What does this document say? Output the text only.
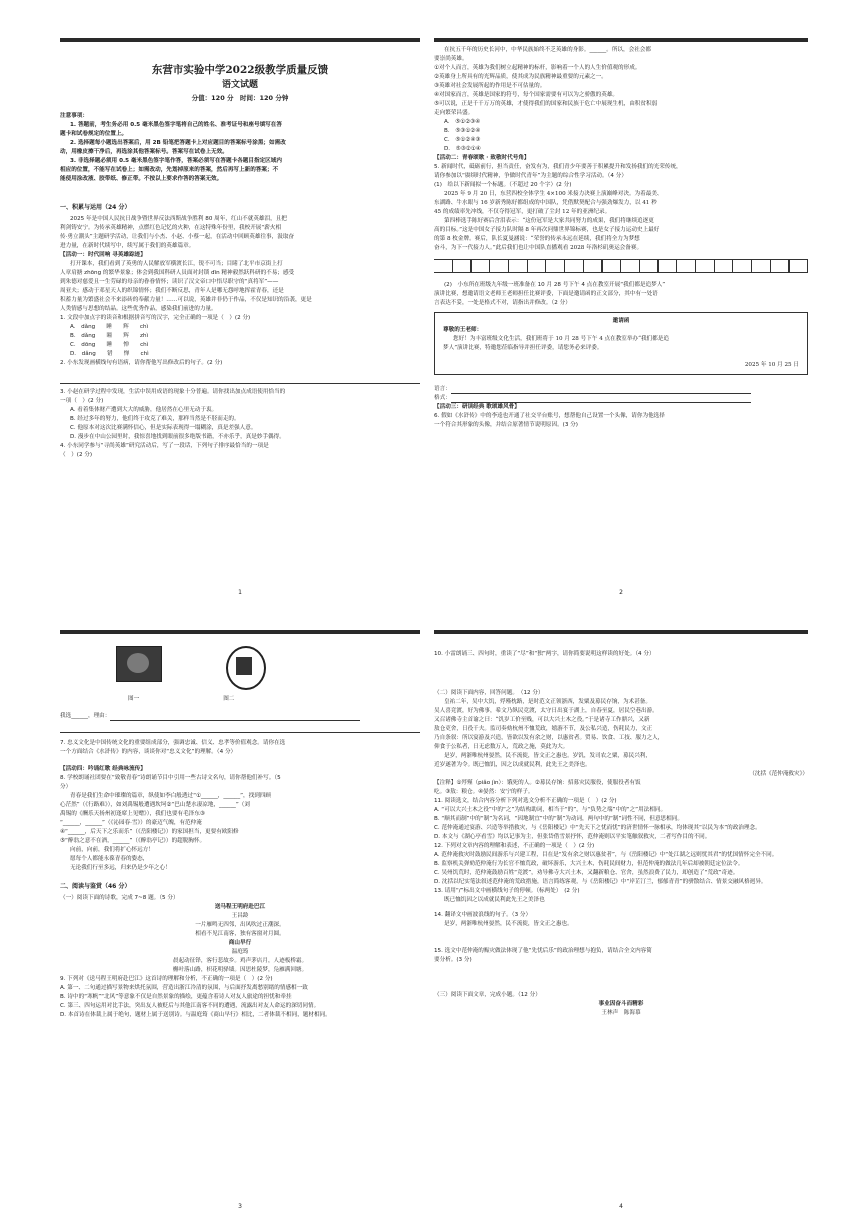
东营市实验中学2022级教学质量反馈

语文试题

分值：120 分　时间：120 分钟

注意事项：

1. 答题前，考生务必用 0.5 毫米黑色签字笔将自己的姓名、准考证号和座号填写在答

题卡和试卷规定的位置上。

2. 选择题每小题选出答案后，用 2B 铅笔把答题卡上对应题目的答案标号涂黑；如需改

动，用橡皮擦干净后，再选涂其他答案标号。答案写在试卷上无效。

3. 非选择题必须用 0.5 毫米黑色签字笔作答，答案必须写在答题卡各题目指定区域内

相应的位置，不能写在试卷上；如需改动，先划掉原来的答案，然后再写上新的答案；不

能使用涂改液、胶带纸、修正带。不按以上要求作答的答案无效。

一、积累与运用（24 分）

2025 年是中国人民抗日战争暨世界反法西斯战争胜利 80 周年，红山不就英雄泪，且把

利剑铸安宁。为传承英雄精神，点燃红色记忆的火种，在这特殊年份里，我校开展“薪火相

传·勇立潮头”主题研学活动，让我们与小杰、小赵、小蔡一起，在活动中回顾英雄往事，汲取奋

进力量，在新时代续写中，续写属于我们的英雄篇章。

【活动一：时代回响 寻英雄踪迹】

打开课本，我们看到了英勇的人民解放军横渡长江，锐不可当；目睹了北平市京街上打

人章肩搪 zhōng 的繁华景象；体会到我国科研人员面对封锁 dīn 精神毅然跃科研的不易；感受

到朱德对慈爱且一生劳碌的母亲的眷眷情怀；读识了汉文帝口中悟尽职守的“真将军”——

周亚夫；感动于邓星天人的织锦情怀；我们不断反思，青年人是哪无怨呼地挥霍青春，还是

积蓄力量为繁盛社会不来添砖的奉献力量！……可以说，英雄并非仍于作品，不仅是知识的沿袭，更是

人类情感与思想的结晶。这些优秀作品，感染我们前进的力量。

1. 文段中加点字的读音和根据拼音写的汉字，完全正确的一项是（　）(2 分)

A.　dǎng　　睡　　辉　　chì

B.　dǎng　　瞳　　辉　　zhì

C.　dōng　　睡　　惮　　chì

D.　dǎng　　错　　惮　　chì

2. 小东发现画横线句有语病，请你帮他写出修改后的句子。(2 分)

3. 小赵在研学过程中发现，生活中误用成语的现象十分普遍。请你找出加点成语使用恰当的

一项（　）(2 分)

A. 看着集体财产遭到大大的威胁，他居然在心里无动于衷。

B. 经过多年的努力，他们终于攻克了难关，那样当然是不胫而走的。

C. 他原本对这次比赛满怀信心，但是实际表现得一塌糊涂，真是差强人意。

D. 漫步在中山公园里时，我惊喜地找到眼前很多绝版书籍，不亦乐乎，真是妙手偶得。

4. 小东同学参与“寻尚英雄”研究活动后，写了一段话，下列句子排序最恰当的一项是

（　）(2 分)

1

在抗五千年的历史长河中，中华民族始终不乏英雄的身影。______。所以，会社会都

要崇尚英雄。

①对个人而言，英雄为我们树立起精神的标杆，影响着一个人的人生价值观的形成。

②英雄身上所具有的光辉品质，使其成为民族精神最重要的元素之一。

③英雄对社会发展所起的作用是不可估量的。

④对国家而言，英雄是国家的符号，每个国家需要有可以为之骄傲的英雄。

⑤可以说，正是千千万万的英雄，才使得我们的国家和民族于危亡中展现生机，由积贫积弱

走向繁荣昌盛。

A.　⑤①②③④

B.　⑤③①②④

C.　⑤①②④③

D.　⑤③②①④

【活动二：青春颂歌 · 致敬时代号角】

5. 新闻时代，砥砺前行，担当责任，奋发有为，我们青少年要善于积累提升和发扬我们的光荣传统，

请你参加以“赓续时代精神，争做时代青年”为主题的综合性学习活动。（4 分）

(1)　给以下新闻拟一个标题。（不超过 20 个字）(2 分)

2025 年 9 月 20 日，东营四校全体学生 4×100 米接力决赛上演巅峰对决。为着最美、

东湖路、牛水眼与 16 岁新秀陈好都组成的中国队，凭借默契配合与强劲爆发力，以 41 秒

45 的成绩率先冲线，不仅夺得冠军，更打破了尘封 12 年的亚洲纪录。

第四棒选手陈好赛后含泪表示：“这份冠军是大家共同努力的成果，我们将继续追逐更

高的目标。”这是中国女子接力队时隔 8 年再次问鼎世界锦标赛，也是女子接力运动史上最好

的第 8 枚金牌。赛后，队长夏曼涵说：“荣誉的传承永远在延续，我们将全力为梦想

奋斗，为下一代接力人。”此后我们也让中国队直播观看 2028 年洛杉矶奥运会备赛。

(2)　小东所在班级九年级一班准备在 10 月 28 号下午 4 点在教室开展“我们都是追梦人”

演讲比赛，想邀请语文老师王老师担任比赛评委，下面是邀请函的正文部分，其中有一处语

言表达不妥，一处是格式不对，请指出并修改。（2 分）

邀请函

尊敬的王老师：

您好！为丰富班级文化生活，我们班将于 10 月 28 号下午 4 点在教室举办“我们都是追

梦人”演讲比赛，特邀您莅临指导并担任评委，请您务必来评委。

2025 年 10 月 25 日

语言：

格式：

【活动三：研读经典 歌颂雄风骨】

6. 假如《水浒传》中的李逵也开通了社交平台账号，想帮他自己设置一个头像，请你为他选择

一个符合其形象的头像，并结合原著情节说明原因。(3 分)

2
图一	图二

我选______，理由：

7. 忠义文化是中国传统文化的重要组成部分，强调忠诚、信义、忠孝等价值观念。请你在选

一个方面结合《水浒传》的内容，谈谈你对“忠义文化”的理解。（4 分）

【活动四：吟诵红歌 经典咏流传】

8. 学校朗诵社团要在“致敬青春”诗朗诵节目中引用一些古诗文名句，请你帮他们补写。（5

分）

青春是我们生命中璀璨的篇章，纵使如李白般透过“①______，______”，找到四顾

心茫然”（《行路难》），如刘禹锡般遭遇坎坷②“巴山楚水凄凉地，______”（刘

禹锡的《酬乐天扬州初逢席上见赠》），我们也要有毛泽东③

“______，______”（《沁园春·雪》）的豪迈气魄，有范仲淹

④“______，后天下之乐而乐”（《岳阳楼记》）的家国担当，更要有欧阳修

⑤“醉翁之意不在酒，______”（《醉翁亭记》）的超脱胸怀。

向前，向前，我们将扩心怀远方！

愿每个人都能永葆青春的姿态，

无论我们行至多远，归来仍是少年之心！

二、阅读与鉴赏（46 分）

（一）阅读下面的诗歌，完成 7~8 题。（5 分）

送马程王明府赴巴江

王昌龄

一片雁鸣无四邻，出风吹过正潮深。

相看不见江南客，独有客窗对月圆。

商山早行

温庭筠

晨起动征铎，客行悲故乡。鸡声茅店月，人迹板桥霜。

槲叶落山路，枳花明驿墙。因思杜陵梦，凫雁满回塘。

9. 下列对《送马程王明府赴巴江》这首诗的理解和分析，不正确的一项是（　）(2 分)

A. 第一、二句通过描写景物来烘托氛围，营造出浙江冷清的氛围，与后面抒发离愁别绪的情感相一致

B. 诗中的“寒帆”“北风”等意象不仅是自然景象的描绘，更蕴含着诗人对友人旅途的担忧和牵挂

C. 第三、四句运用对比手法，突出友人被贬后与其他江南客不同的遭遇，流露出对友人命运的深切同情。

D. 本首诗在体裁上属于绝句，题材上属于送别诗。与温庭筠《商山早行》相比，二者体裁不相同，题材相同。

3

10. 小雷朗诵三、四句时，重读了“尽”和“独”两字，请你简要说明这样读的好处。（4 分）

（二）阅读下面内容，回答问题。　（12 分）

皇祐二年，吴中大饥，殍殣枕路，是时范文正领浙西，发粟及募民存饷，为术甚备。

吴人喜竞渡，好为佛事，希文乃纵民竞渡，太守日出宴于湖上，自春至夏，居民空巷出游。

又召诸佛寺主首谕之曰：“饥岁工价至贱，可以大兴土木之役。”于是诸寺工作鼎兴，又新

敖仓吏舍，日役千夫。监司奏劾杭州不恤荒政，嬉游不节，及公私兴造，伤耗民力，文正

乃自条叙：所以宴游及兴造，皆欲以发有余之财，以惠贫者。贸易、饮食、工技、服力之人，

仰食于公私者，日无虑数万人，荒政之施，莫此为大。

是岁，两浙唯杭州晏然，民不流徙，皆文正之惠也。岁饥，发司农之粟，募民兴利，

近岁遂著为令。既已恤饥，因之以成就民利，此先王之美泽也。

（沈括《范仲淹救灾》）

【注释】①殍殣（piǎo jìn）：饿死的人。②募民存饷：招募灾民服役，使服役者有饭

吃。③敖：粮仓。④晏然：安宁的样子。

11. 阅读选文，结合内容分析下列对选文分析不正确的一项是（　）(2 分)

A. “可以大兴土木之役”中的“之”为结构助词，相当于“的”，与“负势之端”中的“之”用法相同。

B. “顺其而制”中的“制”为名词，“因地制宜”中的“制”为动词，两句中的“制”词性不同，但意思相同。

C. 范仲淹通过宴游、兴造等举措救灾，与《岳阳楼记》中“先天下之忧而忧”的济世情怀一脉相承，均体现其“以民为本”的政治理念。

D. 本文与《湖心亭看雪》均以记事为主，但张岱借雪景抒怀，范仲淹则以平实笔触叙救灾，二者写作目的不同。

12. 下列对文章内容的理解和表述，不正确的一项是（　）(2 分)

A. 范仲淹救灾时鼓励民间游乐与兴建工程，目在是“发有余之财以惠贫者”，与《岳阳楼记》中“处江湖之远则忧其君”的忧国情怀完全不同。

B. 监察机关弹劾范仲淹行为长官不恤荒政，破坏游乐，大兴土木，伤耗民间财力，但范仲淹的做法几年后却被朝廷定位法令。

C. 吴州饥荒时，范仲淹鼓励百姓“竞渡”，劝导佛寺大兴土木，又翻新粮仓、官舍，虽然浪费了民力，却创造了“荒政”奇迹。

D. 沈括以纪实笔法叙述范仲淹的荒政措施，语言简练客观，与《岳阳楼记》中“岸芷汀兰，郁郁青青”的骈散结合、情景交融风格迥异。

13. 请用“/”标出文中画横线句子的停顿。（标两处）　(2 分)

既已恤饥因之以成就民利此先王之美泽也

14. 翻译文中画波浪线的句子。（3 分）

是岁，两浙唯杭州晏然，民不流徙，皆文正之惠也。

15. 选文中范仲淹的赈灾做法体现了他“先忧后乐”的政治理想与抱负，请结合全文内容简

要分析。(3 分)

（三）阅读下面文章，完成小题。（12 分）

事业因奋斗而精彩

王林声　陈海慕

4
